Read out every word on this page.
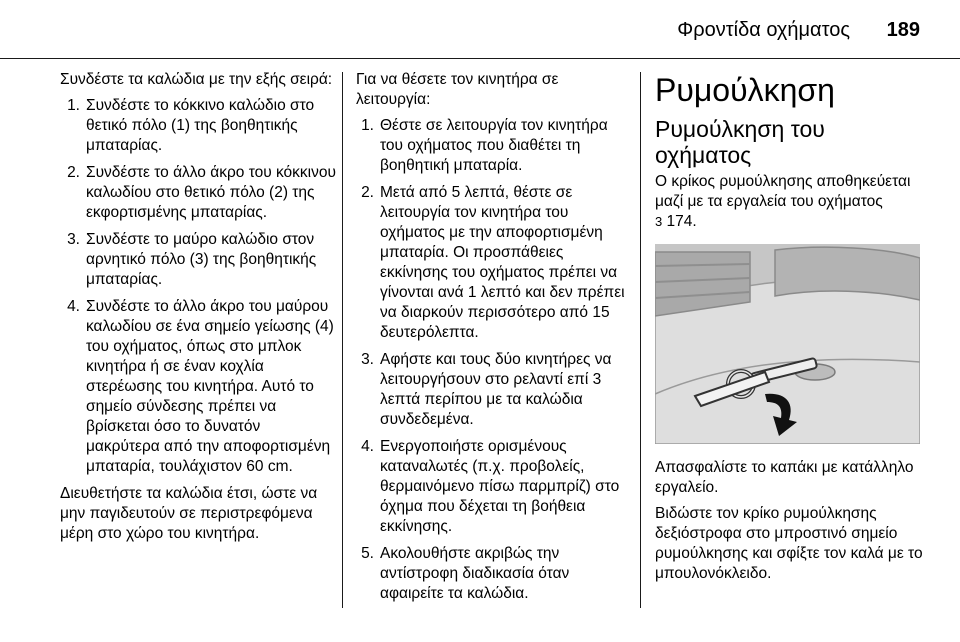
Φροντίδα οχήματος 189

Συνδέστε τα καλώδια με την εξής σειρά:

1. Συνδέστε το κόκκινο καλώδιο στο θετικό πόλο (1) της βοηθητικής μπαταρίας.
2. Συνδέστε το άλλο άκρο του κόκκινου καλωδίου στο θετικό πόλο (2) της εκφορτισμένης μπαταρίας.
3. Συνδέστε το μαύρο καλώδιο στον αρνητικό πόλο (3) της βοηθητικής μπαταρίας.
4. Συνδέστε το άλλο άκρο του μαύρου καλωδίου σε ένα σημείο γείωσης (4) του οχήματος, όπως στο μπλοκ κινητήρα ή σε έναν κοχλία στερέωσης του κινητήρα. Αυτό το σημείο σύνδεσης πρέπει να βρίσκεται όσο το δυνατόν μακρύτερα από την αποφορτισμένη μπαταρία, τουλάχιστον 60 cm.

Διευθετήστε τα καλώδια έτσι, ώστε να μην παγιδευτούν σε περιστρεφόμενα μέρη στο χώρο του κινητήρα.

Για να θέσετε τον κινητήρα σε λειτουργία:

1. Θέστε σε λειτουργία τον κινητήρα του οχήματος που διαθέτει τη βοηθητική μπαταρία.
2. Μετά από 5 λεπτά, θέστε σε λειτουργία τον κινητήρα του οχήματος με την αποφορτισμένη μπαταρία. Οι προσπάθειες εκκίνησης του οχήματος πρέπει να γίνονται ανά 1 λεπτό και δεν πρέπει να διαρκούν περισσότερο από 15 δευτερόλεπτα.
3. Αφήστε και τους δύο κινητήρες να λειτουργήσουν στο ρελαντί επί 3 λεπτά περίπου με τα καλώδια συνδεδεμένα.
4. Ενεργοποιήστε ορισμένους καταναλωτές (π.χ. προβολείς, θερμαινόμενο πίσω παρμπρίζ) στο όχημα που δέχεται τη βοήθεια εκκίνησης.
5. Ακολουθήστε ακριβώς την αντίστροφη διαδικασία όταν αφαιρείτε τα καλώδια.
Ρυμούλκηση
Ρυμούλκηση του οχήματος

Ο κρίκος ρυμούλκησης αποθηκεύεται μαζί με τα εργαλεία του οχήματος
3 174.

Απασφαλίστε το καπάκι με κατάλληλο εργαλείο.

Βιδώστε τον κρίκο ρυμούλκησης δεξιόστροφα στο μπροστινό σημείο ρυμούλκησης και σφίξτε τον καλά με το μπουλονόκλειδο.
